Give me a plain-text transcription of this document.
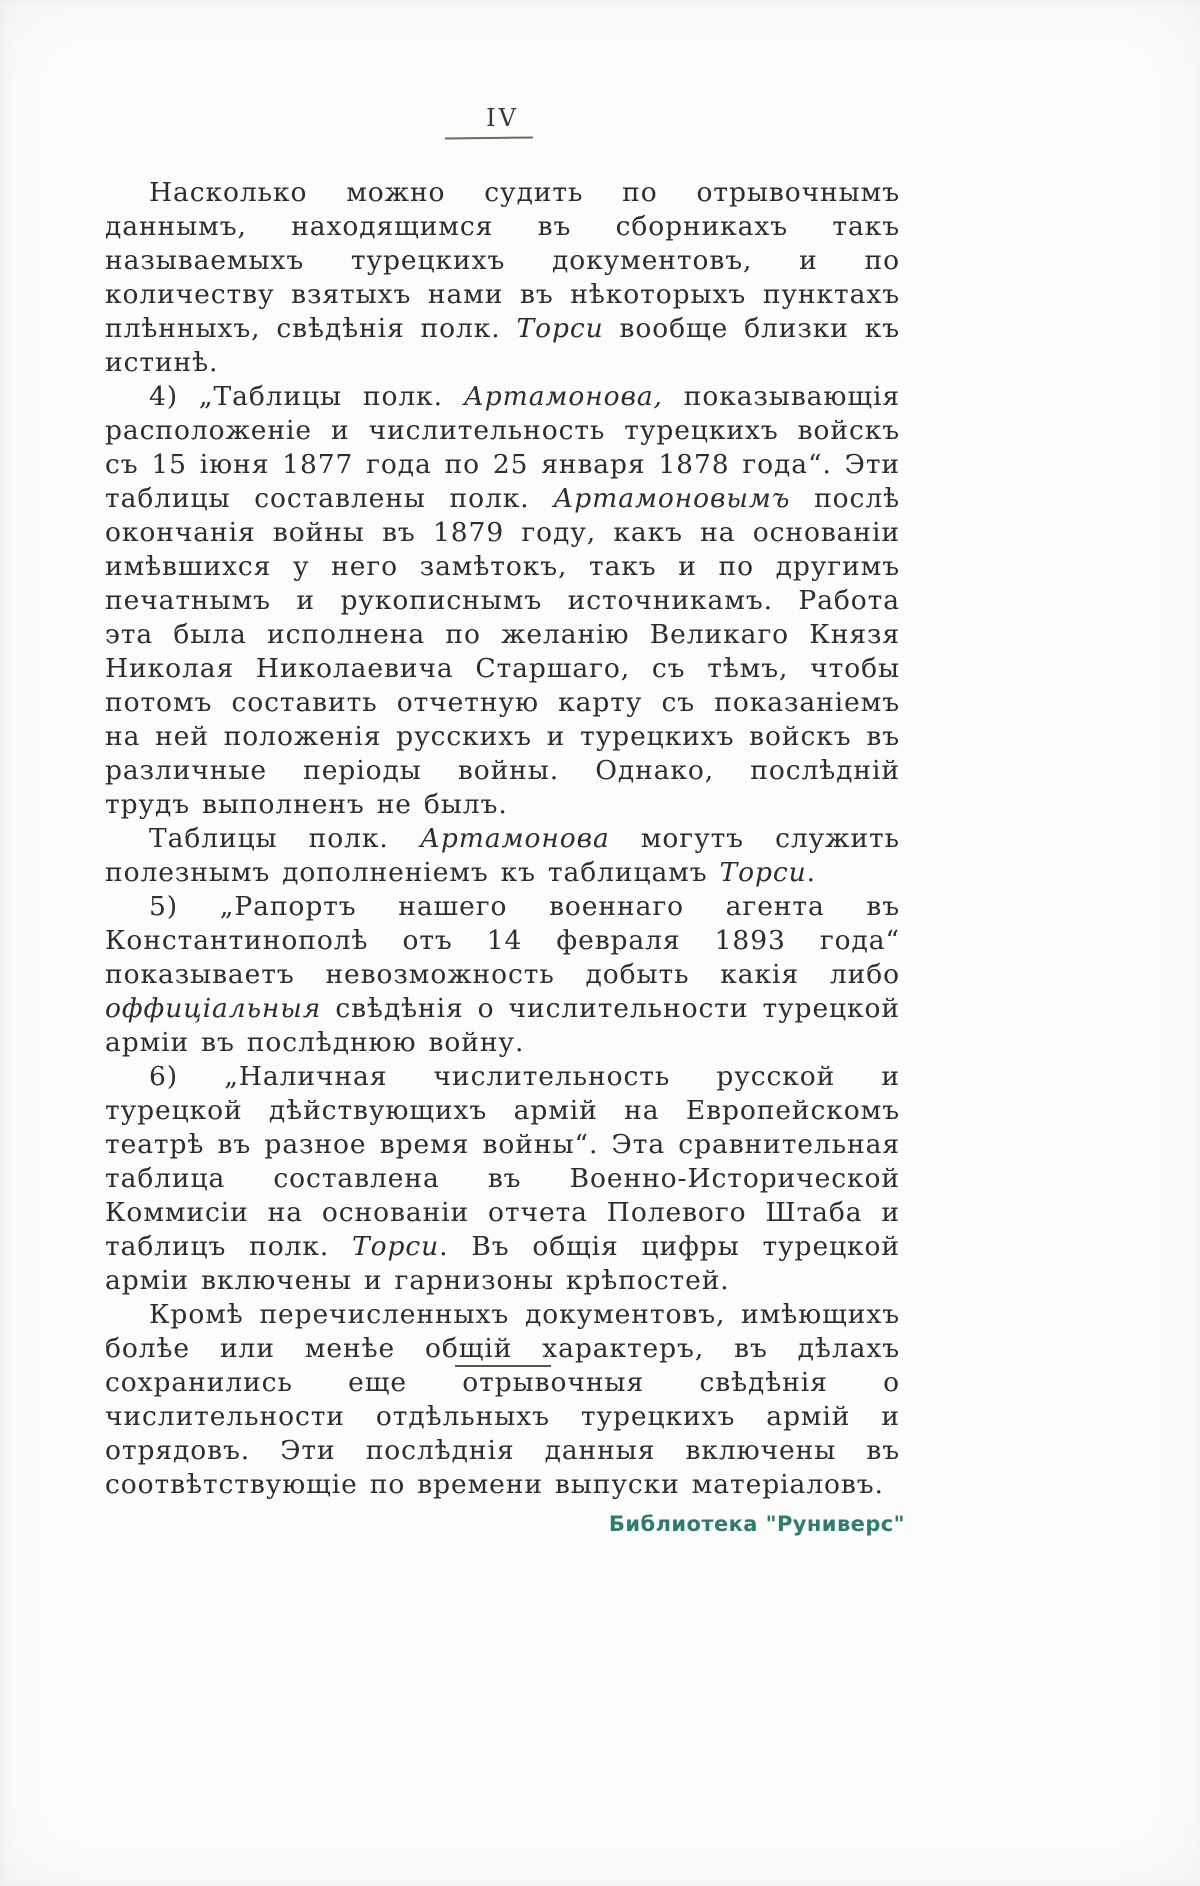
IV

Насколько можно судить по отрывочнымъ даннымъ, находящимся въ сборникахъ такъ называемыхъ турецкихъ документовъ, и по количеству взятыхъ нами въ нѣкоторыхъ пунктахъ плѣнныхъ, свѣдѣнія полк. Торси вообще близки къ истинѣ.

4) „Таблицы полк. Артамонова, показывающія расположеніе и числительность турецкихъ войскъ съ 15 іюня 1877 года по 25 января 1878 года“. Эти таблицы составлены полк. Артамоновымъ послѣ окончанія войны въ 1879 году, какъ на основаніи имѣвшихся у него замѣтокъ, такъ и по другимъ печатнымъ и рукописнымъ источникамъ. Работа эта была исполнена по желанію Великаго Князя Николая Николаевича Старшаго, съ тѣмъ, чтобы потомъ составить отчетную карту съ показаніемъ на ней положенія русскихъ и турецкихъ войскъ въ различные періоды войны. Однако, послѣдній трудъ выполненъ не былъ.

Таблицы полк. Артамонова могутъ служить полезнымъ дополненіемъ къ таблицамъ Торси.

5) „Рапортъ нашего военнаго агента въ Константинополѣ отъ 14 февраля 1893 года“ показываетъ невозможность добыть какія либо оффиціальныя свѣдѣнія о числительности турецкой арміи въ послѣднюю войну.

6) „Наличная числительность русской и турецкой дѣйствующихъ армій на Европейскомъ театрѣ въ разное время войны“. Эта сравнительная таблица составлена въ Военно-Исторической Коммисіи на основаніи отчета Полевого Штаба и таблицъ полк. Торси. Въ общія цифры турецкой арміи включены и гарнизоны крѣпостей.

Кромѣ перечисленныхъ документовъ, имѣющихъ болѣе или менѣе общій характеръ, въ дѣлахъ сохранились еще отрывочныя свѣдѣнія о числительности отдѣльныхъ турецкихъ армій и отрядовъ. Эти послѣднія данныя включены въ соотвѣтствующіе по времени выпуски матеріаловъ.

Библиотека "Руниверс"
